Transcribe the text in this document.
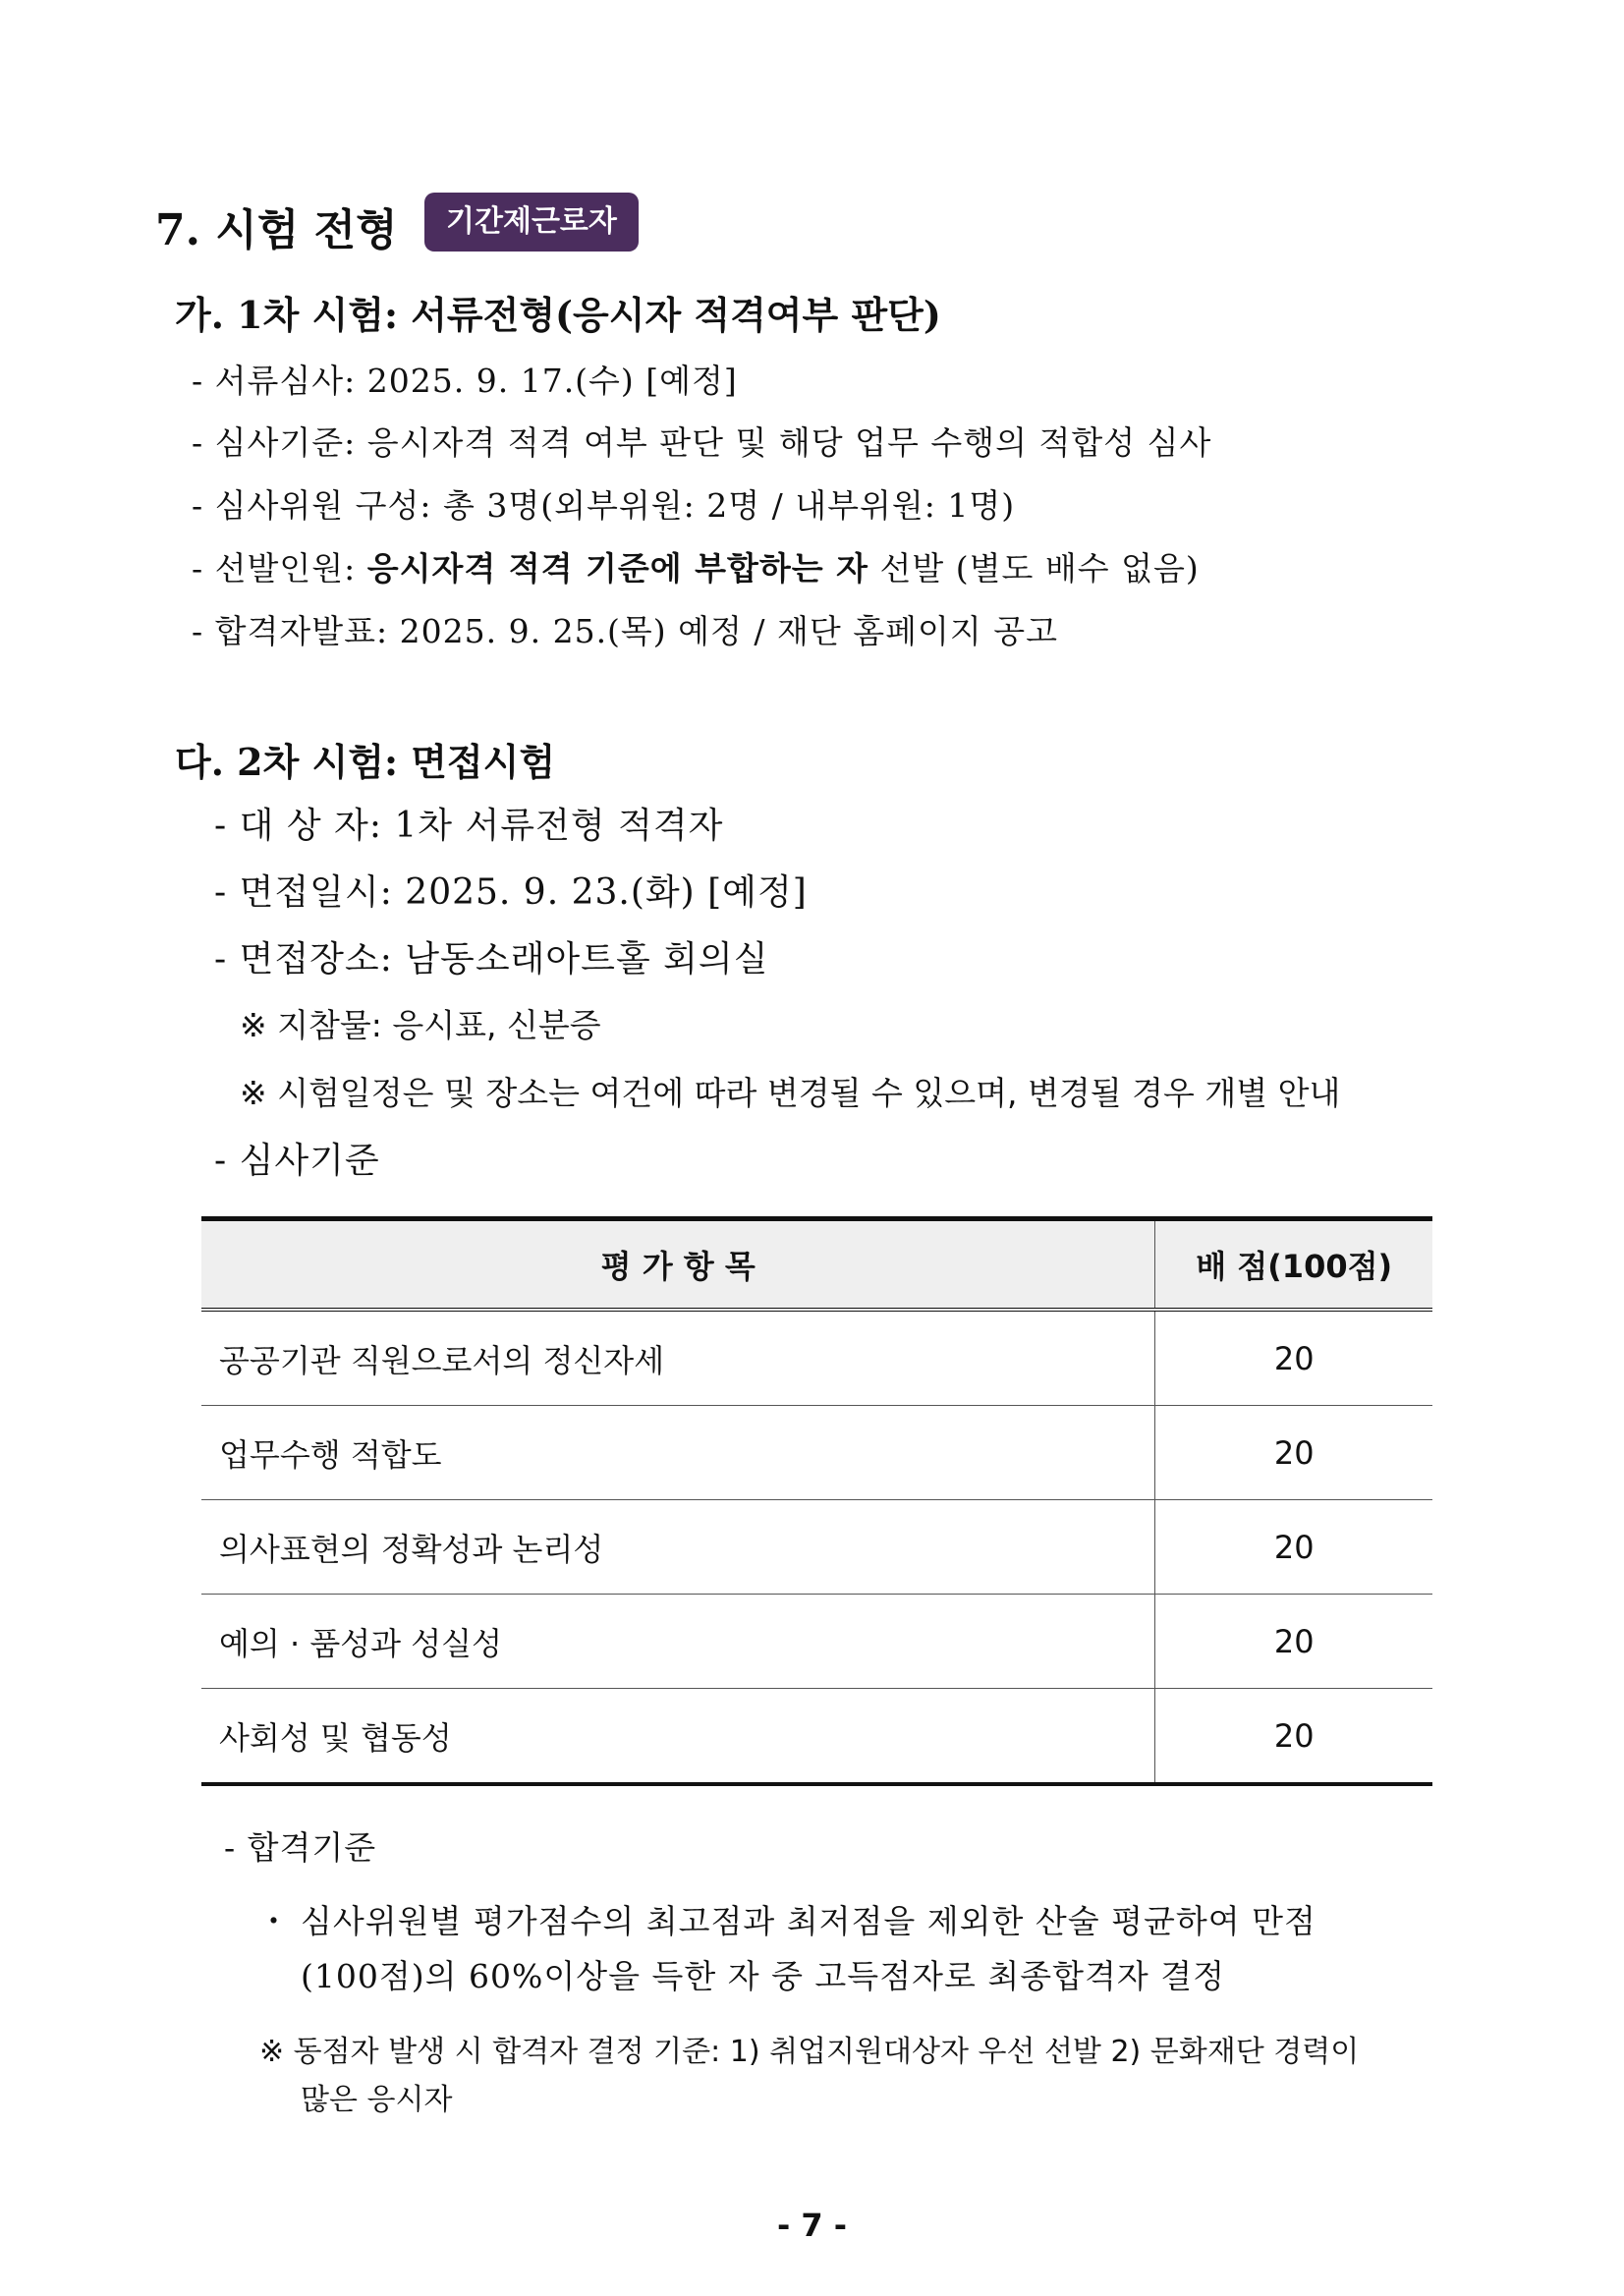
7. 시험 전형	기간제근로자
가. 1차 시험: 서류전형(응시자 적격여부 판단)
- 서류심사: 2025. 9. 17.(수) [예정]
- 심사기준: 응시자격 적격 여부 판단 및 해당 업무 수행의 적합성 심사
- 심사위원 구성: 총 3명(외부위원: 2명 / 내부위원: 1명)
- 선발인원: 응시자격 적격 기준에 부합하는 자 선발 (별도 배수 없음)
- 합격자발표: 2025. 9. 25.(목) 예정 / 재단 홈페이지 공고
다. 2차 시험: 면접시험
- 대 상 자: 1차 서류전형 적격자
- 면접일시: 2025. 9. 23.(화) [예정]
- 면접장소: 남동소래아트홀 회의실
※ 지참물: 응시표, 신분증
※ 시험일정은 및 장소는 여건에 따라 변경될 수 있으며, 변경될 경우 개별 안내
- 심사기준
평 가 항 목	배 점(100점)
공공기관 직원으로서의 정신자세	20
업무수행 적합도	20
의사표현의 정확성과 논리성	20
예의 · 품성과 성실성	20
사회성 및 협동성	20
- 합격기준
・ 심사위원별 평가점수의 최고점과 최저점을 제외한 산술 평균하여 만점
(100점)의 60%이상을 득한 자 중 고득점자로 최종합격자 결정
※ 동점자 발생 시 합격자 결정 기준: 1) 취업지원대상자 우선 선발 2) 문화재단 경력이
많은 응시자
- 7 -
